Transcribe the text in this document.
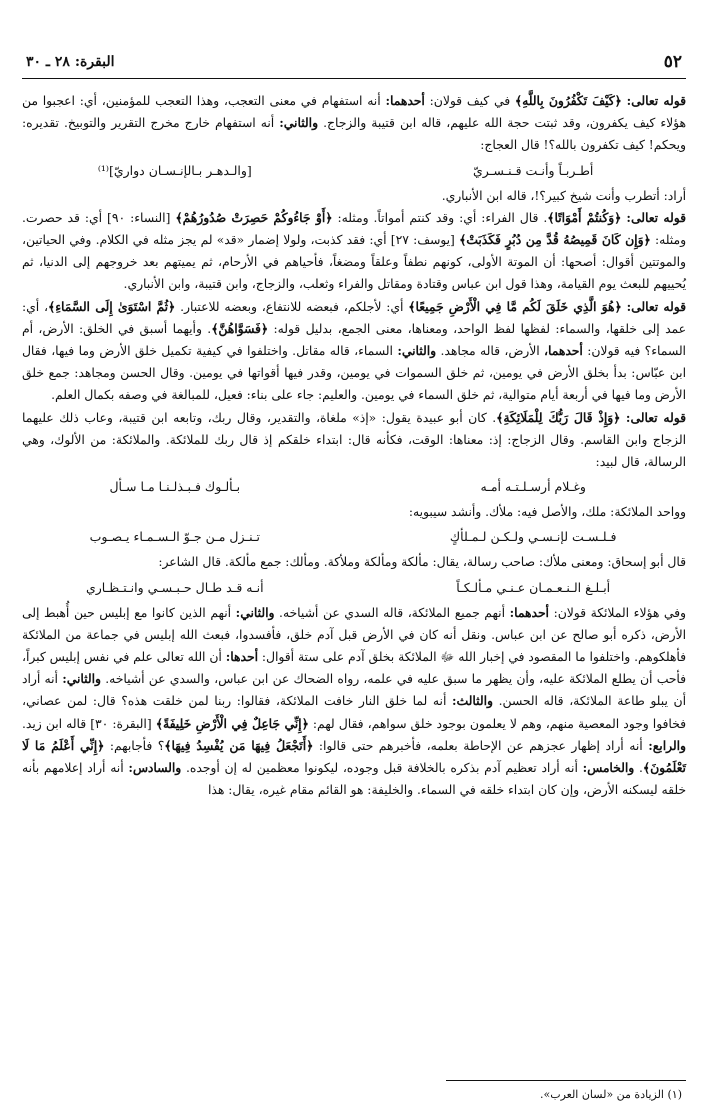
٥٢
البقرة: ٢٨ ـ ٣٠

قوله تعالى: ﴿كَيْفَ تَكْفُرُونَ بِاللَّهِ﴾ في كيف قولان: أحدهما: أنه استفهام في معنى التعجب، وهذا التعجب للمؤمنين، أي: اعجبوا من هؤلاء كيف يكفرون، وقد ثبتت حجة الله عليهم، قاله ابن قتيبة والزجاج. والثاني: أنه استفهام خارج مخرج التقرير والتوبيخ. تقديره: ويحكم! كيف تكفرون بالله؟! قال العجاج:

أطـربـاً وأنـت قـنـسـريّ
[والـدهـر بـالإنـسـان دواريّ]⁽¹⁾

أراد: أتطرب وأنت شيخ كبير؟!، قاله ابن الأنباري.

قوله تعالى: ﴿وَكُنتُمْ أَمْوَاتًا﴾. قال الفراء: أي: وقد كنتم أمواتاً. ومثله: ﴿أَوْ جَاءُوكُمْ حَصِرَتْ صُدُورُهُمْ﴾ [النساء: ٩٠] أي: قد حصرت. ومثله: ﴿وَإِن كَانَ قَمِيصُهُ قُدَّ مِن دُبُرٍ فَكَذَبَتْ﴾ [يوسف: ٢٧] أي: فقد كذبت، ولولا إضمار «قد» لم يجز مثله في الكلام. وفي الحياتين، والموتتين أقوال: أصحها: أن الموتة الأولى، كونهم نطفاً وعلقاً ومضغاً، فأحياهم في الأرحام، ثم يميتهم بعد خروجهم إلى الدنيا، ثم يُحييهم للبعث يوم القيامة، وهذا قول ابن عباس وقتادة ومقاتل والفراء وثعلب، والزجاج، وابن قتيبة، وابن الأنباري.

قوله تعالى: ﴿هُوَ الَّذِي خَلَقَ لَكُم مَّا فِي الْأَرْضِ جَمِيعًا﴾ أي: لأجلكم، فبعضه للانتفاع، وبعضه للاعتبار. ﴿ثُمَّ اسْتَوَىٰ إِلَى السَّمَاءِ﴾، أي: عمد إلى خلقها، والسماء: لفظها لفظ الواحد، ومعناها، معنى الجمع، بدليل قوله: ﴿فَسَوَّاهُنَّ﴾. وأيهما أسبق في الخلق: الأرض، أم السماء؟ فيه قولان: أحدهما، الأرض، قاله مجاهد. والثاني: السماء، قاله مقاتل. واختلفوا في كيفية تكميل خلق الأرض وما فيها، فقال ابن عبّاس: بدأ بخلق الأرض في يومين، ثم خلق السموات في يومين، وقدر فيها أقواتها في يومين. وقال الحسن ومجاهد: جمع خلق الأرض وما فيها في أربعة أيام متوالية، ثم خلق السماء في يومين. والعليم: جاء على بناء: فعيل، للمبالغة في وصفه بكمال العلم.

قوله تعالى: ﴿وَإِذْ قَالَ رَبُّكَ لِلْمَلَائِكَةِ﴾. كان أبو عبيدة يقول: «إذ» ملغاة، والتقدير، وقال ربك، وتابعه ابن قتيبة، وعاب ذلك عليهما الزجاج وابن القاسم. وقال الزجاج: إذ: معناها: الوقت، فكأنه قال: ابتداء خلقكم إذ قال ربك للملائكة. والملائكة: من الألوك، وهي الرسالة، قال لبيد:

وغـلام أرسـلـتـه أمـه
بـألـوك فـبـذلـنـا مـا سـأل

وواحد الملائكة: ملك، والأصل فيه: ملأك. وأنشد سيبويه:

فـلـسـت لإنـسـي ولـكـن لـمـلأكٍ
تـنـزل مـن جـوّ الـسـمـاء يـصـوب

قال أبو إسحاق: ومعنى ملأك: صاحب رسالة، يقال: مألكة ومألكة وملأكة. ومألك: جمع مألكة. قال الشاعر:

أبـلـغ الـنـعـمـان عـنـي مـألـكـاً
أنـه قـد طـال حـبـسـي وانـتـظـاري

وفي هؤلاء الملائكة قولان: أحدهما: أنهم جميع الملائكة، قاله السدي عن أشياخه. والثاني: أنهم الذين كانوا مع إبليس حين أُهبط إلى الأرض، ذكره أبو صالح عن ابن عباس. ونقل أنه كان في الأرض قبل آدم خلق، فأفسدوا، فبعث الله إبليس في جماعة من الملائكة فأهلكوهم. واختلفوا ما المقصود في إخبار الله ﷻ الملائكة بخلق آدم على ستة أقوال: أحدها: أن الله تعالى علم في نفس إبليس كبراً، فأحب أن يطلع الملائكة عليه، وأن يظهر ما سبق عليه في علمه، رواه الضحاك عن ابن عباس، والسدي عن أشياخه. والثاني: أنه أراد أن يبلو طاعة الملائكة، قاله الحسن. والثالث: أنه لما خلق النار خافت الملائكة، فقالوا: ربنا لمن خلقت هذه؟ قال: لمن عصاني، فخافوا وجود المعصية منهم، وهم لا يعلمون بوجود خلق سواهم، فقال لهم: ﴿إِنِّي جَاعِلٌ فِي الْأَرْضِ خَلِيفَةً﴾ [البقرة: ٣٠] قاله ابن زيد. والرابع: أنه أراد إظهار عجزهم عن الإحاطة بعلمه، فأخبرهم حتى قالوا: ﴿أَتَجْعَلُ فِيهَا مَن يُفْسِدُ فِيهَا﴾؟ فأجابهم: ﴿إِنِّي أَعْلَمُ مَا لَا تَعْلَمُونَ﴾. والخامس: أنه أراد تعظيم آدم بذكره بالخلافة قبل وجوده، ليكونوا معظمين له إن أوجده. والسادس: أنه أراد إعلامهم بأنه خلقه ليسكنه الأرض، وإن كان ابتداء خلقه في السماء. والخليفة: هو القائم مقام غيره، يقال: هذا

(١) الزيادة من «لسان العرب».
